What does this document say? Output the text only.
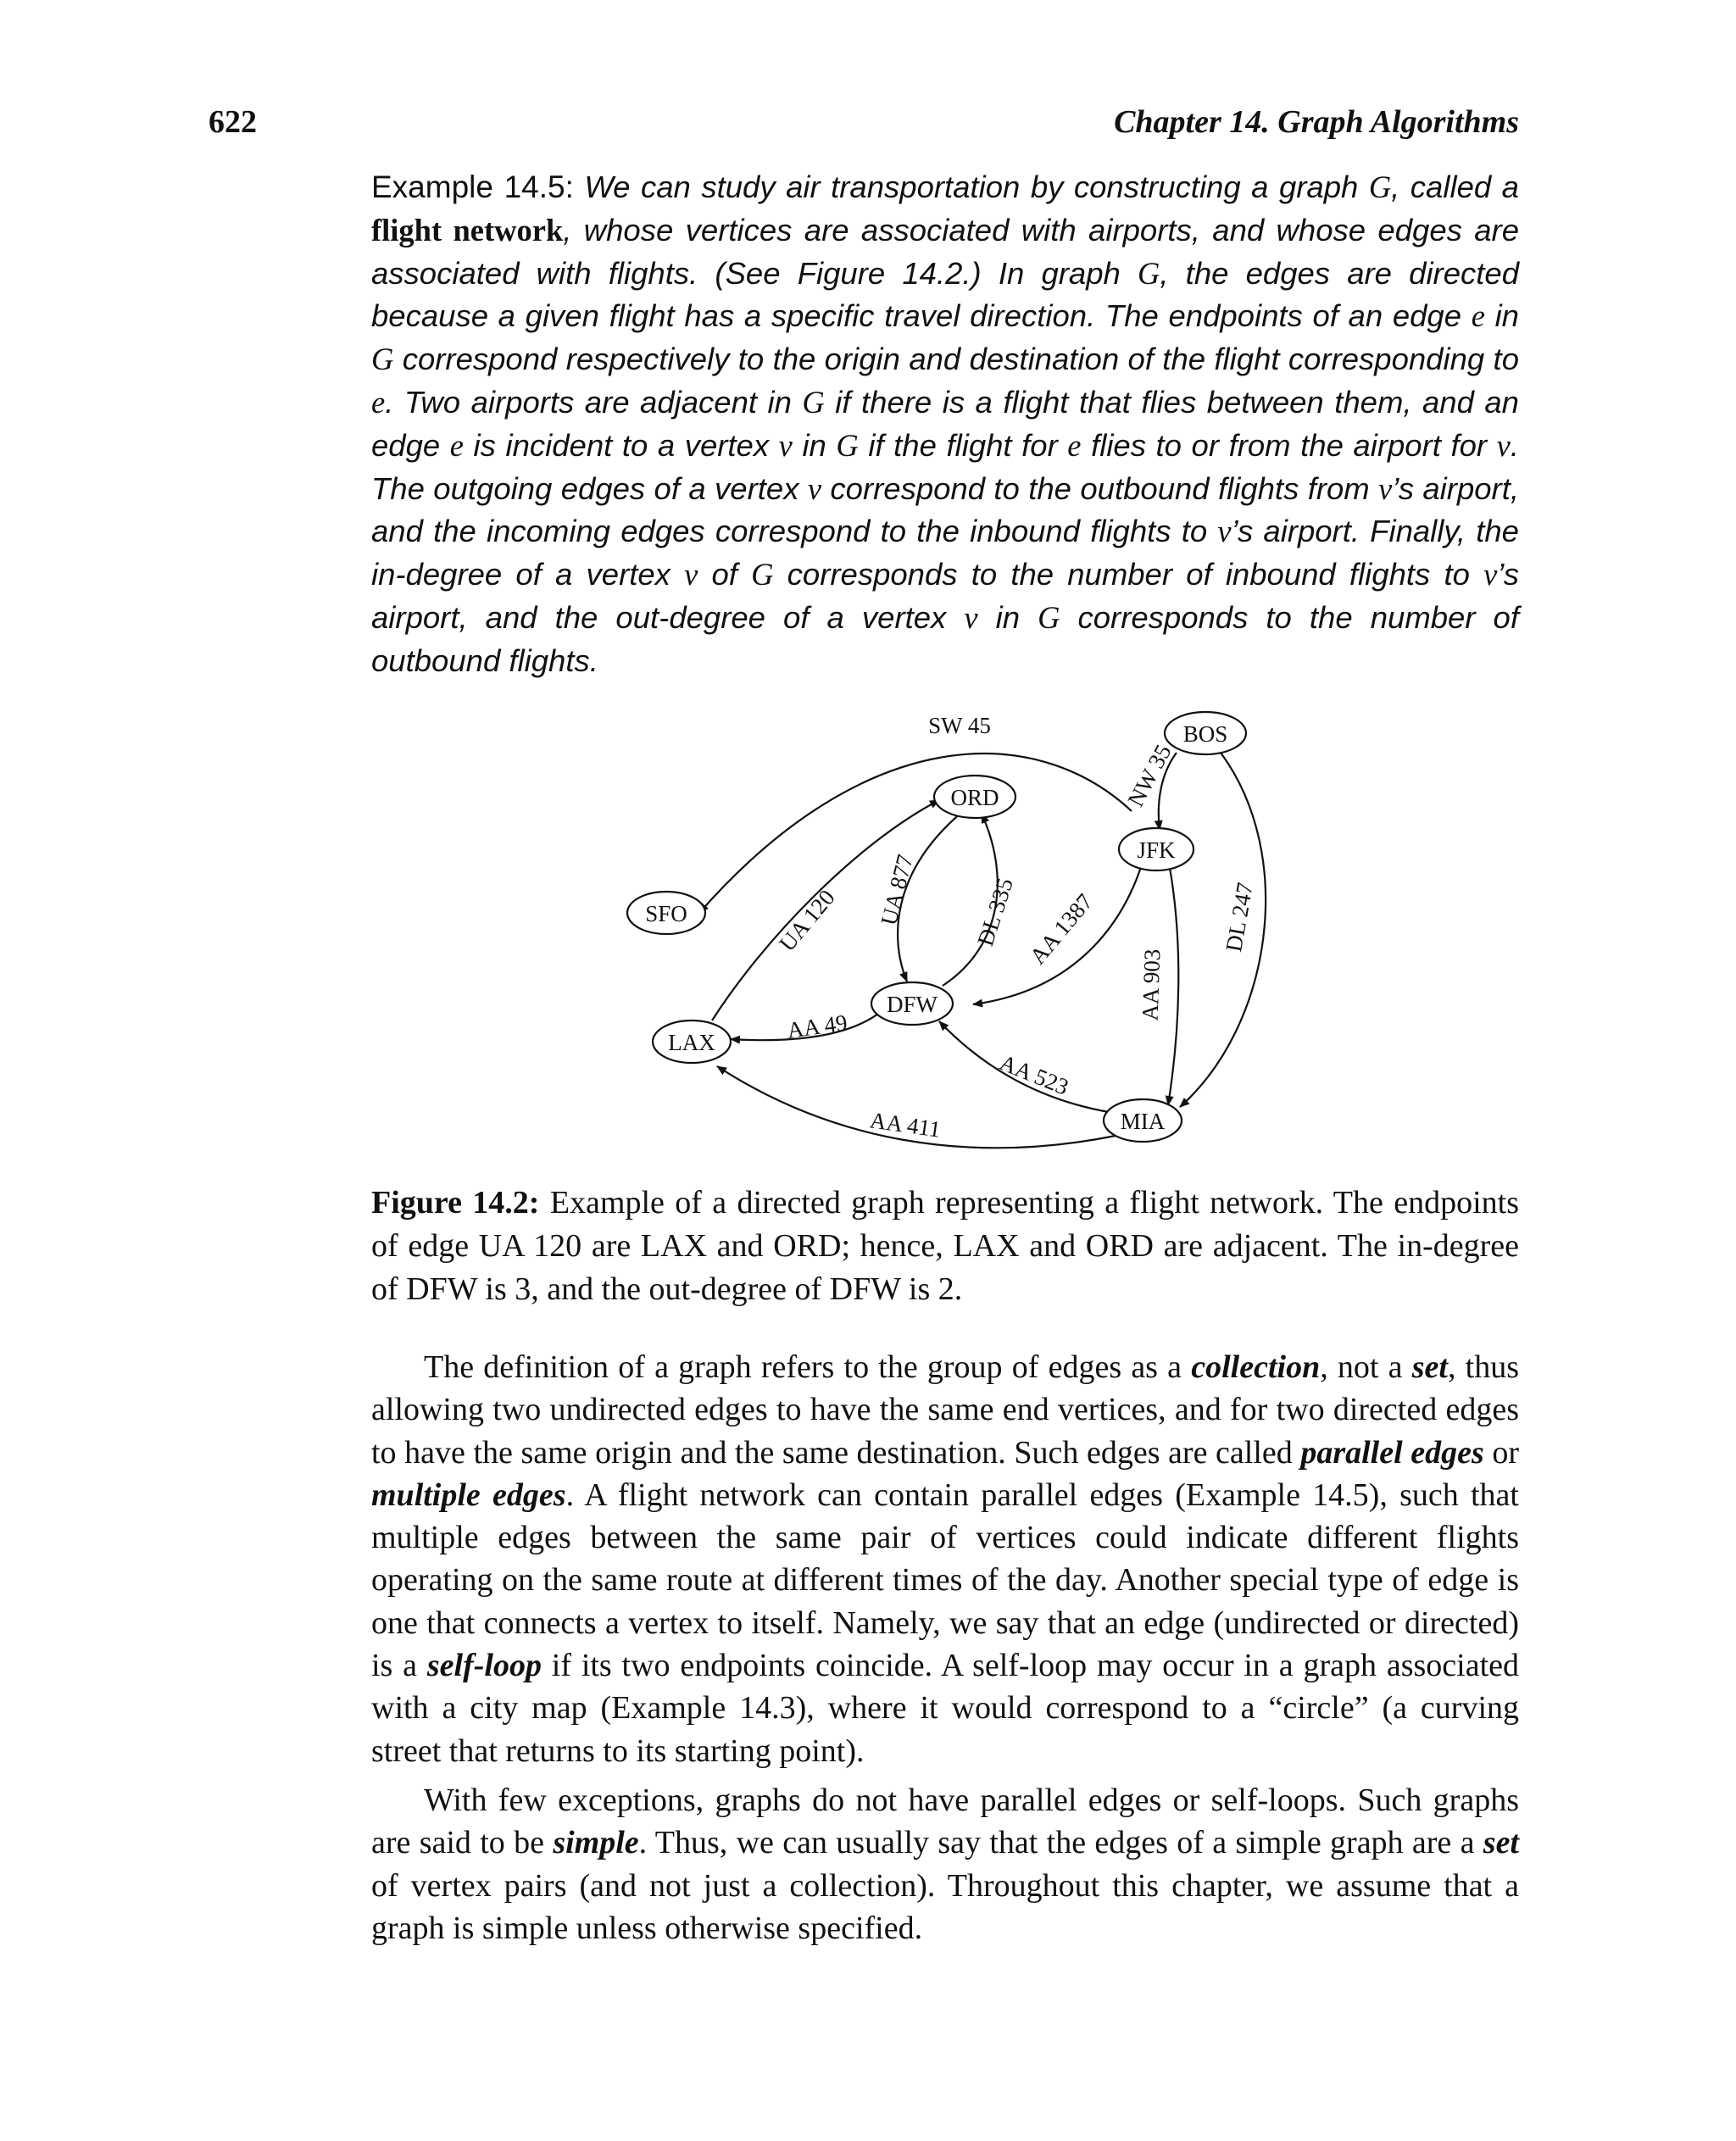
622	Chapter 14. Graph Algorithms
Example 14.5: We can study air transportation by constructing a graph G, called a flight network, whose vertices are associated with airports, and whose edges are associated with flights. (See Figure 14.2.) In graph G, the edges are directed because a given flight has a specific travel direction. The endpoints of an edge e in G correspond respectively to the origin and destination of the flight corresponding to e. Two airports are adjacent in G if there is a flight that flies between them, and an edge e is incident to a vertex v in G if the flight for e flies to or from the airport for v. The outgoing edges of a vertex v correspond to the outbound flights from v’s airport, and the incoming edges correspond to the inbound flights to v’s airport. Finally, the in-degree of a vertex v of G corresponds to the number of inbound flights to v’s airport, and the out-degree of a vertex v in G corresponds to the number of outbound flights.
BOS
ORD
JFK
SFO
DFW
LAX
MIA
SW 45
NW 35
UA 120 UA 877 DL 335 AA 1387
AA 903
DL 247
AA 49
AA 523
AA 411
Figure 14.2: Example of a directed graph representing a flight network. The endpoints of edge UA 120 are LAX and ORD; hence, LAX and ORD are adjacent. The in-degree of DFW is 3, and the out-degree of DFW is 2.

The definition of a graph refers to the group of edges as a collection, not a set, thus allowing two undirected edges to have the same end vertices, and for two directed edges to have the same origin and the same destination. Such edges are called parallel edges or multiple edges. A flight network can contain parallel edges (Example 14.5), such that multiple edges between the same pair of vertices could indicate different flights operating on the same route at different times of the day. Another special type of edge is one that connects a vertex to itself. Namely, we say that an edge (undirected or directed) is a self-loop if its two endpoints coincide. A self-loop may occur in a graph associated with a city map (Example 14.3), where it would correspond to a “circle” (a curving street that returns to its starting point).

With few exceptions, graphs do not have parallel edges or self-loops. Such graphs are said to be simple. Thus, we can usually say that the edges of a simple graph are a set of vertex pairs (and not just a collection). Throughout this chapter, we assume that a graph is simple unless otherwise specified.
